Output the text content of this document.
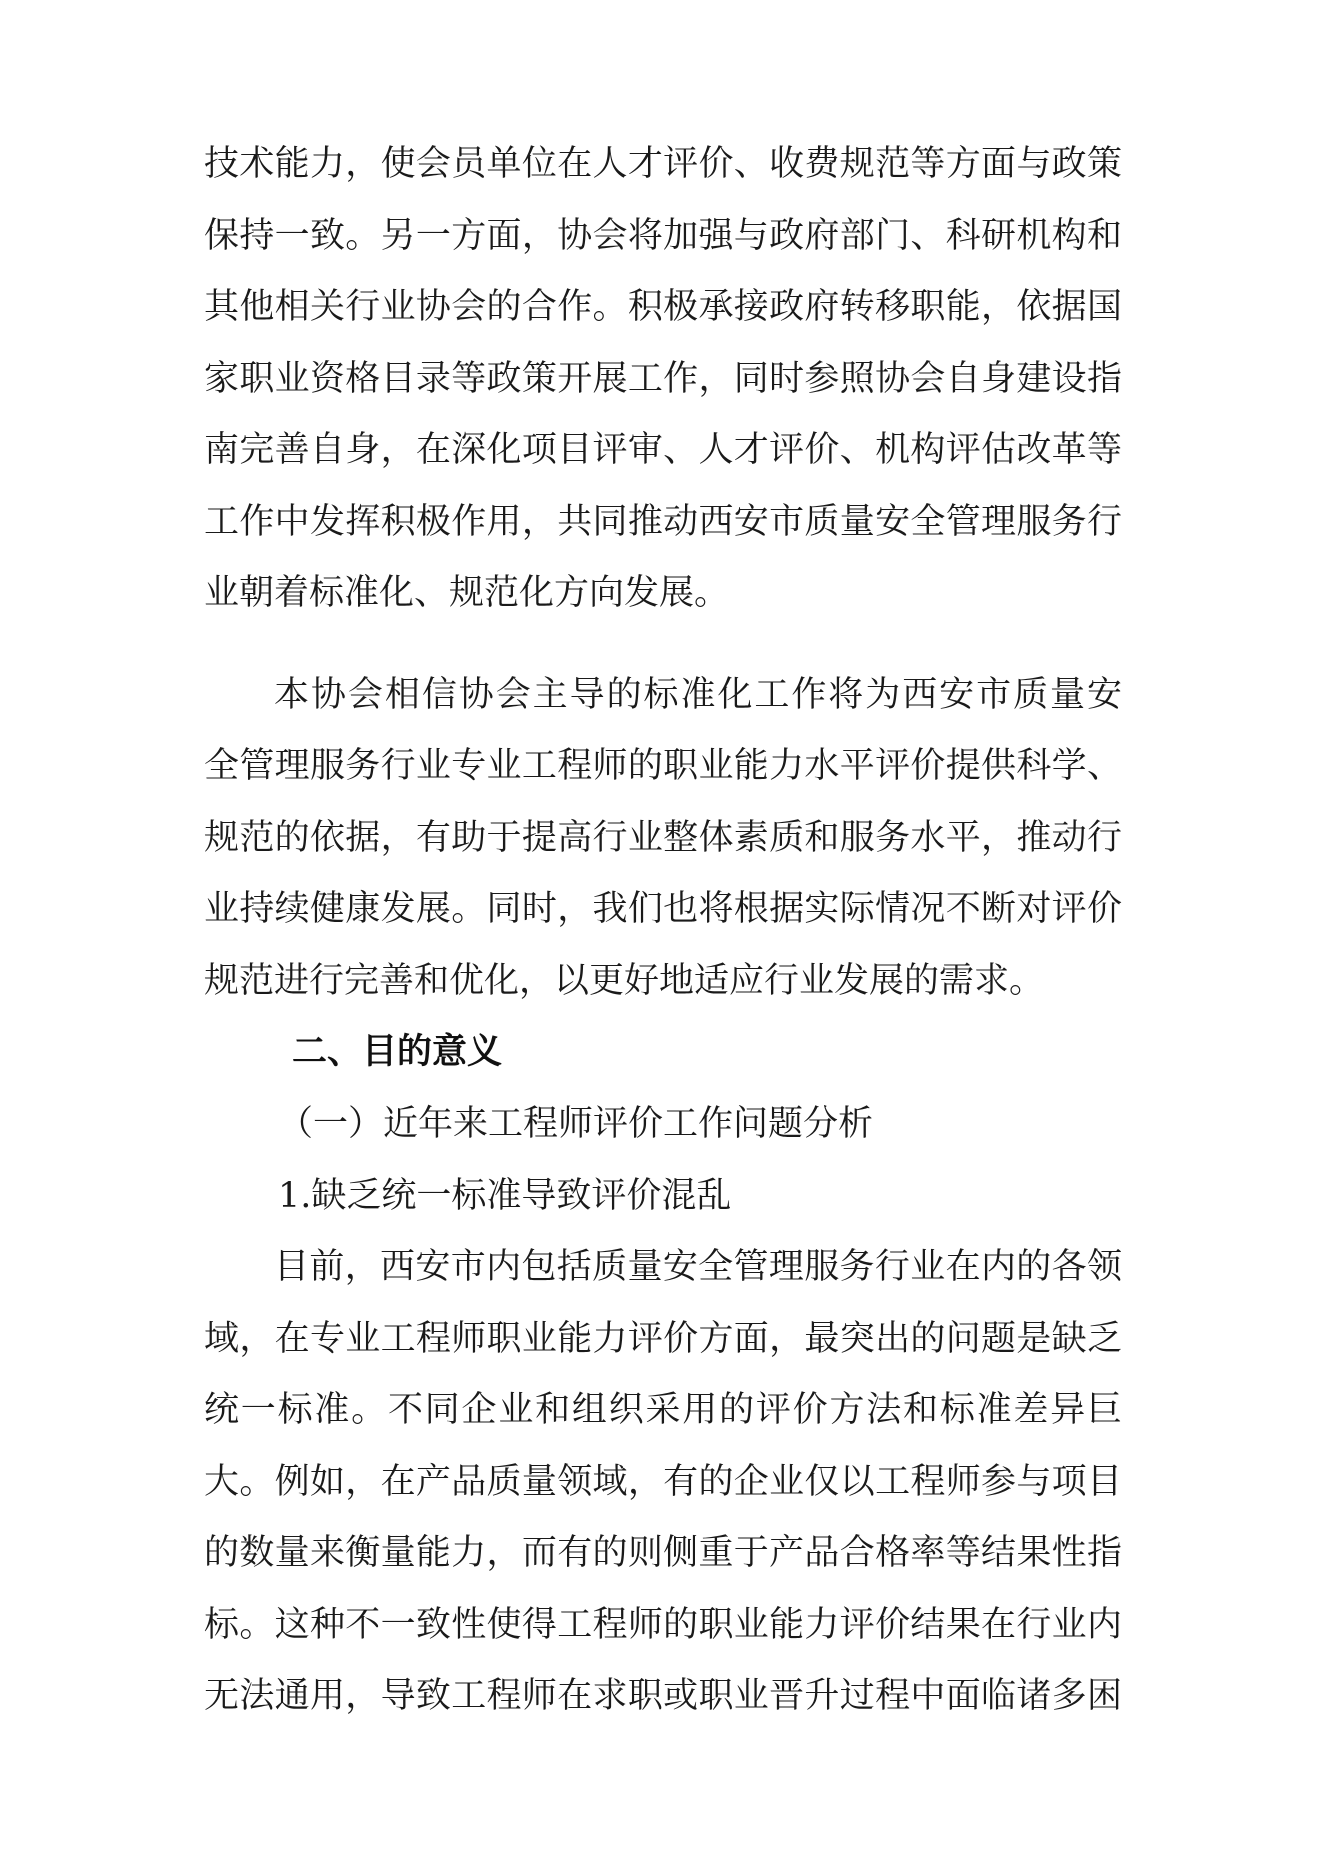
技术能力，使会员单位在人才评价、收费规范等方面与政策
保持一致。另一方面，协会将加强与政府部门、科研机构和
其他相关行业协会的合作。积极承接政府转移职能，依据国
家职业资格目录等政策开展工作，同时参照协会自身建设指
南完善自身，在深化项目评审、人才评价、机构评估改革等
工作中发挥积极作用，共同推动西安市质量安全管理服务行
业朝着标准化、规范化方向发展。
本协会相信协会主导的标准化工作将为西安市质量安
全管理服务行业专业工程师的职业能力水平评价提供科学、
规范的依据，有助于提高行业整体素质和服务水平，推动行
业持续健康发展。同时，我们也将根据实际情况不断对评价
规范进行完善和优化，以更好地适应行业发展的需求。
二、目的意义
（一）近年来工程师评价工作问题分析
1.缺乏统一标准导致评价混乱
目前，西安市内包括质量安全管理服务行业在内的各领
域，在专业工程师职业能力评价方面，最突出的问题是缺乏
统一标准。不同企业和组织采用的评价方法和标准差异巨
大。例如，在产品质量领域，有的企业仅以工程师参与项目
的数量来衡量能力，而有的则侧重于产品合格率等结果性指
标。这种不一致性使得工程师的职业能力评价结果在行业内
无法通用，导致工程师在求职或职业晋升过程中面临诸多困
